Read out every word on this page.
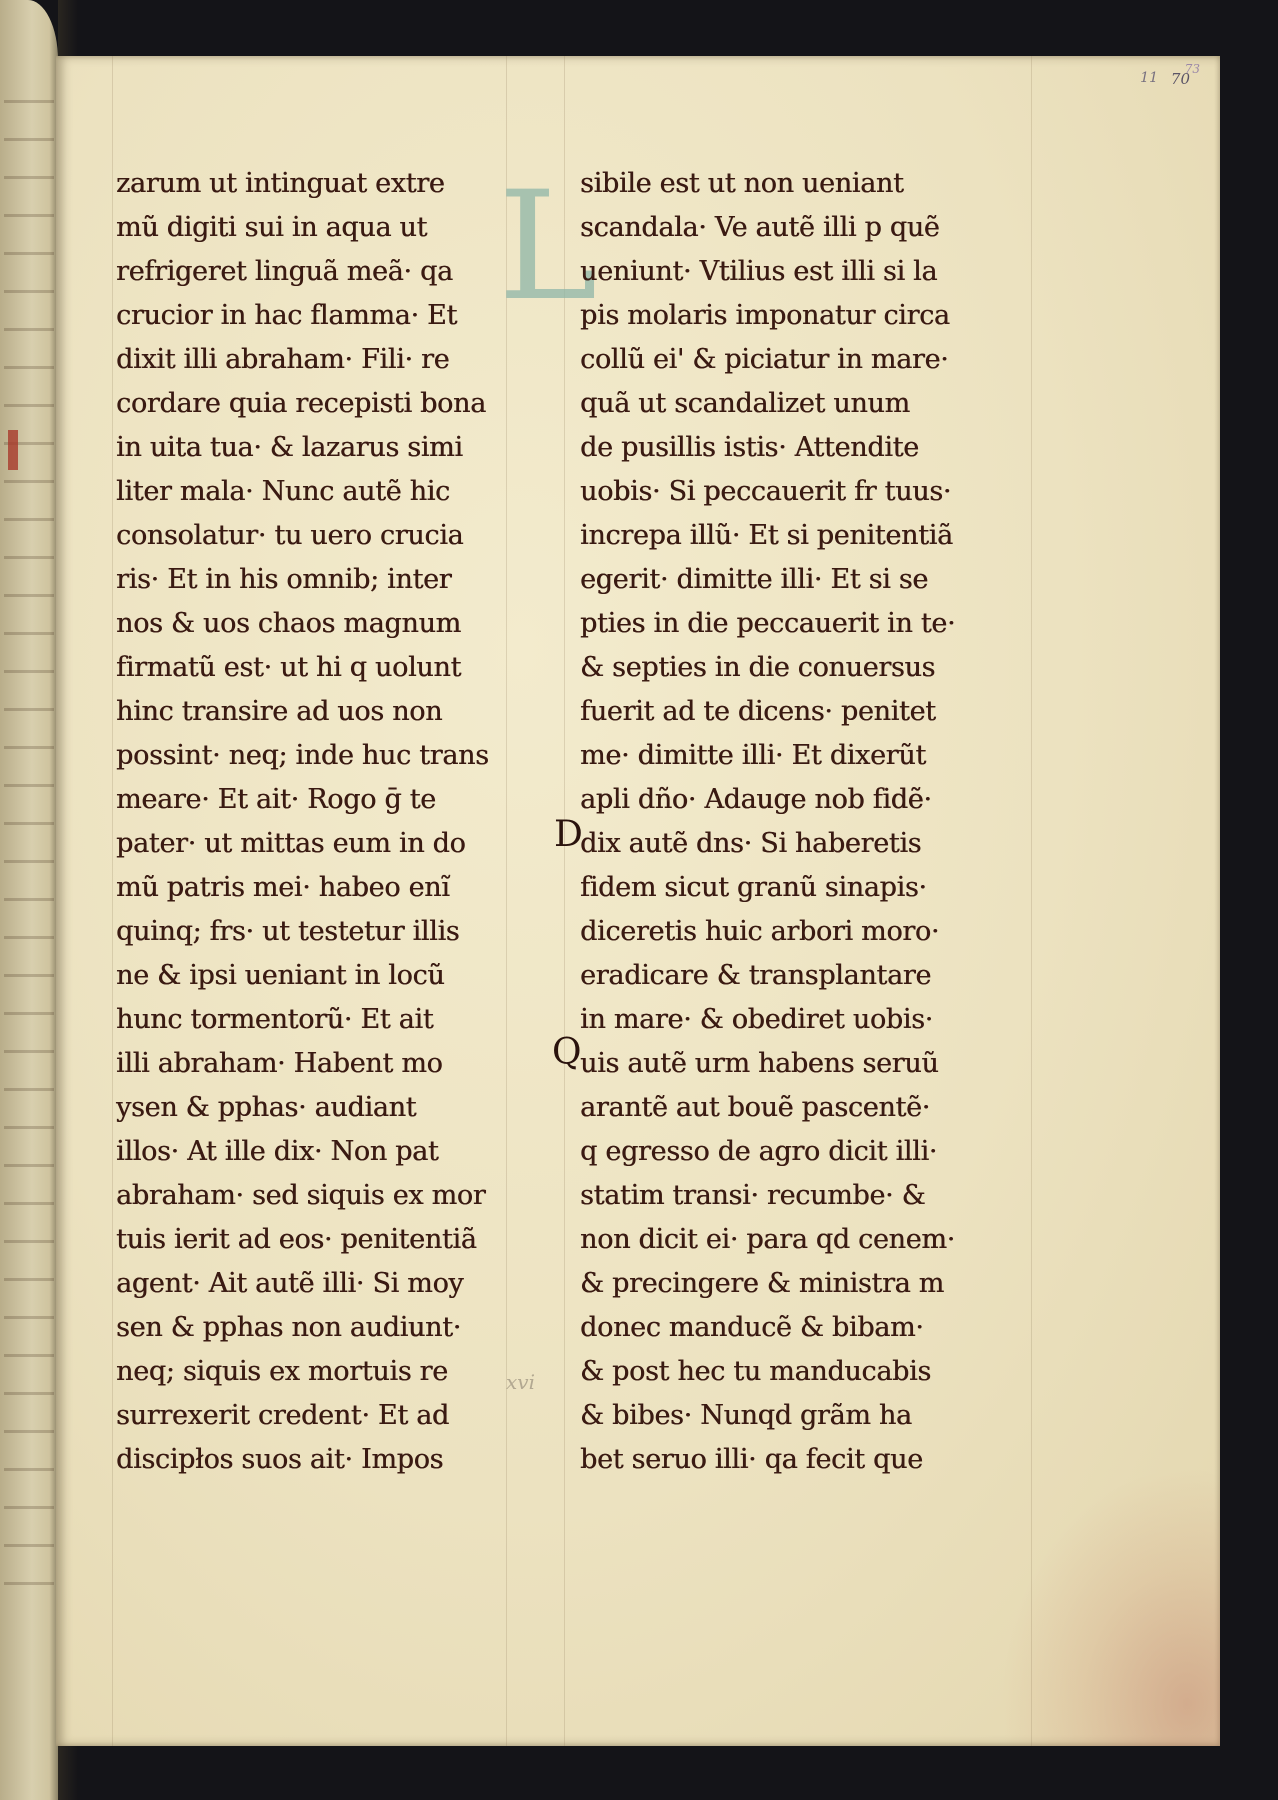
11 70
73
L
zarum ut intinguat extre
mũ digiti sui in aqua ut
refrigeret linguã meã· qa
crucior in hac flamma· Et
dixit illi abraham· Fili· re
cordare quia recepisti bona
in uita tua· & lazarus simi
liter mala· Nunc autẽ hic
consolatur· tu uero crucia
ris· Et in his omnib; inter
nos & uos chaos magnum
firmatũ est· ut hi q uolunt
hinc transire ad uos non
possint· neq; inde huc trans
meare· Et ait· Rogo ḡ te
pater· ut mittas eum in do
mũ patris mei· habeo enĩ
quinq; frs· ut testetur illis
ne & ipsi ueniant in locũ
hunc tormentorũ· Et ait
illi abraham· Habent mo
ysen & pphas· audiant
illos· At ille dix· Non pat
abraham· sed siquis ex mor
tuis ierit ad eos· penitentiã
agent· Ait autẽ illi· Si moy
sen & pphas non audiunt·
neq; siquis ex mortuis re
surrexerit credent· Et ad
discipłos suos ait· Impos
xvi
D
Q
sibile est ut non ueniant
scandala· Ve autẽ illi p quẽ
ueniunt· Vtilius est illi si la
pis molaris imponatur circa
collũ ei' & piciatur in mare·
quã ut scandalizet unum
de pusillis istis· Attendite
uobis· Si peccauerit fr tuus·
increpa illũ· Et si penitentiã
egerit· dimitte illi· Et si se
pties in die peccauerit in te·
& septies in die conuersus
fuerit ad te dicens· penitet
me· dimitte illi· Et dixerũt
apli dño· Adauge nob fidẽ·
dix autẽ dns· Si haberetis
fidem sicut granũ sinapis·
diceretis huic arbori moro·
eradicare & transplantare
in mare· & obediret uobis·
uis autẽ urm habens seruũ
arantẽ aut bouẽ pascentẽ·
q egresso de agro dicit illi·
statim transi· recumbe· &
non dicit ei· para qd cenem·
& precingere & ministra m
donec manducẽ & bibam·
& post hec tu manducabis
& bibes· Nunqd grãm ha
bet seruo illi· qa fecit que
